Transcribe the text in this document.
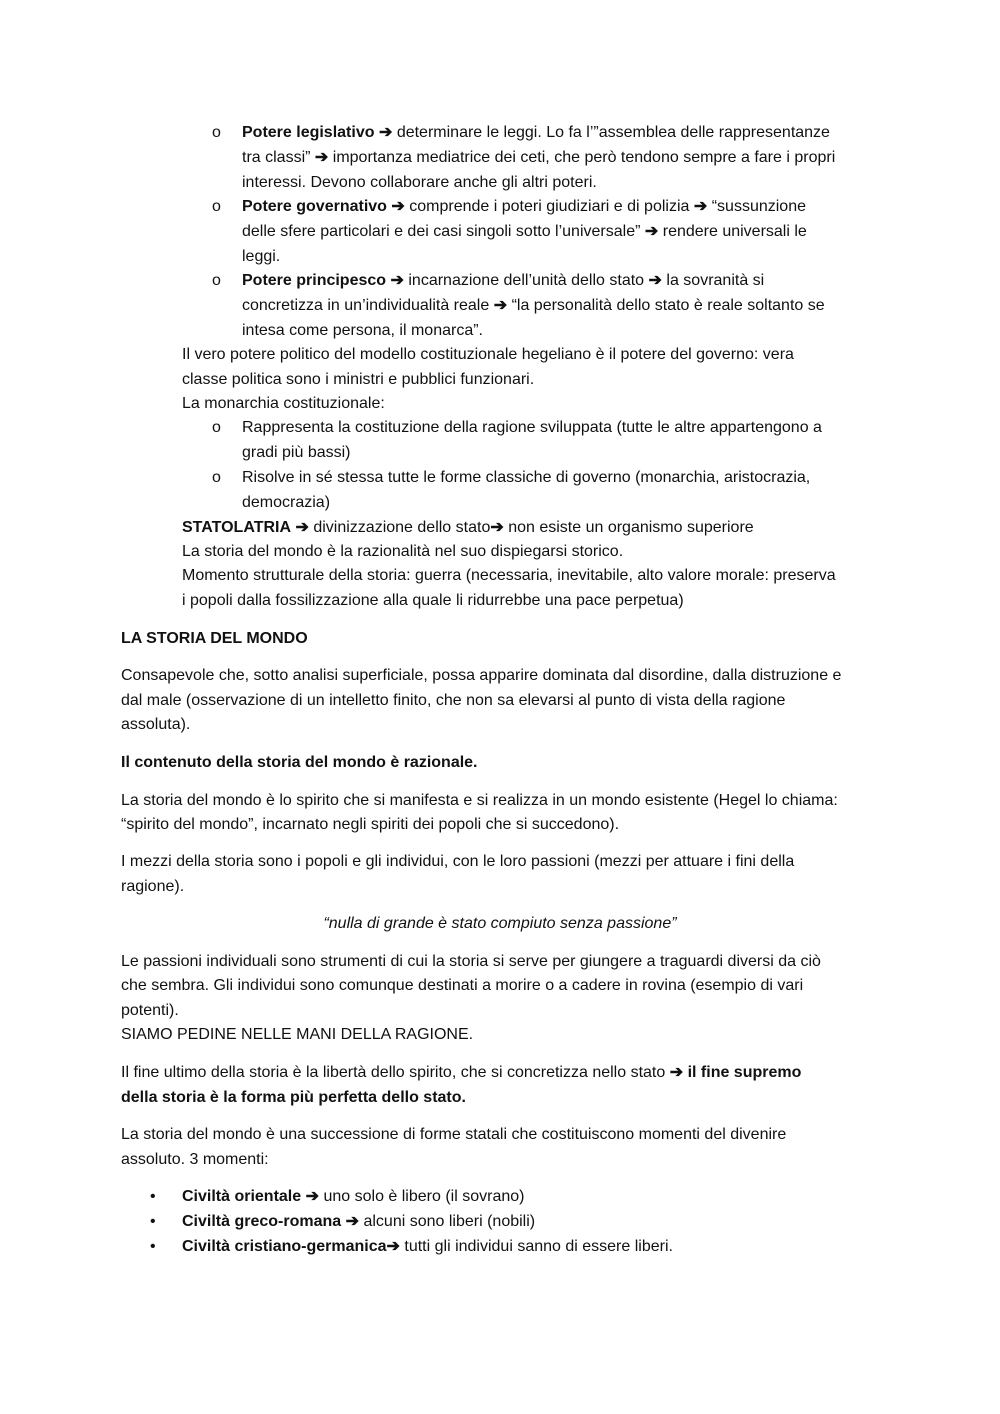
o Potere legislativo ➔ determinare le leggi. Lo fa l’”assemblea delle rappresentanze
tra classi” ➔ importanza mediatrice dei ceti, che però tendono sempre a fare i propri
interessi. Devono collaborare anche gli altri poteri.
o Potere governativo ➔ comprende i poteri giudiziari e di polizia ➔ “sussunzione
delle sfere particolari e dei casi singoli sotto l’universale” ➔ rendere universali le
leggi.
o Potere principesco ➔ incarnazione dell’unità dello stato ➔ la sovranità si
concretizza in un’individualità reale ➔ “la personalità dello stato è reale soltanto se
intesa come persona, il monarca”.
Il vero potere politico del modello costituzionale hegeliano è il potere del governo: vera
classe politica sono i ministri e pubblici funzionari.
La monarchia costituzionale:
o Rappresenta la costituzione della ragione sviluppata (tutte le altre appartengono a
gradi più bassi)
o Risolve in sé stessa tutte le forme classiche di governo (monarchia, aristocrazia,
democrazia)
STATOLATRIA ➔ divinizzazione dello stato➔ non esiste un organismo superiore
La storia del mondo è la razionalità nel suo dispiegarsi storico.
Momento strutturale della storia: guerra (necessaria, inevitabile, alto valore morale: preserva
i popoli dalla fossilizzazione alla quale li ridurrebbe una pace perpetua)
LA STORIA DEL MONDO
Consapevole che, sotto analisi superficiale, possa apparire dominata dal disordine, dalla distruzione e
dal male (osservazione di un intelletto finito, che non sa elevarsi al punto di vista della ragione
assoluta).
Il contenuto della storia del mondo è razionale.
La storia del mondo è lo spirito che si manifesta e si realizza in un mondo esistente (Hegel lo chiama:
“spirito del mondo”, incarnato negli spiriti dei popoli che si succedono).
I mezzi della storia sono i popoli e gli individui, con le loro passioni (mezzi per attuare i fini della
ragione).
“nulla di grande è stato compiuto senza passione”
Le passioni individuali sono strumenti di cui la storia si serve per giungere a traguardi diversi da ciò
che sembra. Gli individui sono comunque destinati a morire o a cadere in rovina (esempio di vari
potenti).
SIAMO PEDINE NELLE MANI DELLA RAGIONE.
Il fine ultimo della storia è la libertà dello spirito, che si concretizza nello stato ➔ il fine supremo
della storia è la forma più perfetta dello stato.
La storia del mondo è una successione di forme statali che costituiscono momenti del divenire
assoluto. 3 momenti:
• Civiltà orientale ➔ uno solo è libero (il sovrano)
• Civiltà greco-romana ➔ alcuni sono liberi (nobili)
• Civiltà cristiano-germanica➔ tutti gli individui sanno di essere liberi.
